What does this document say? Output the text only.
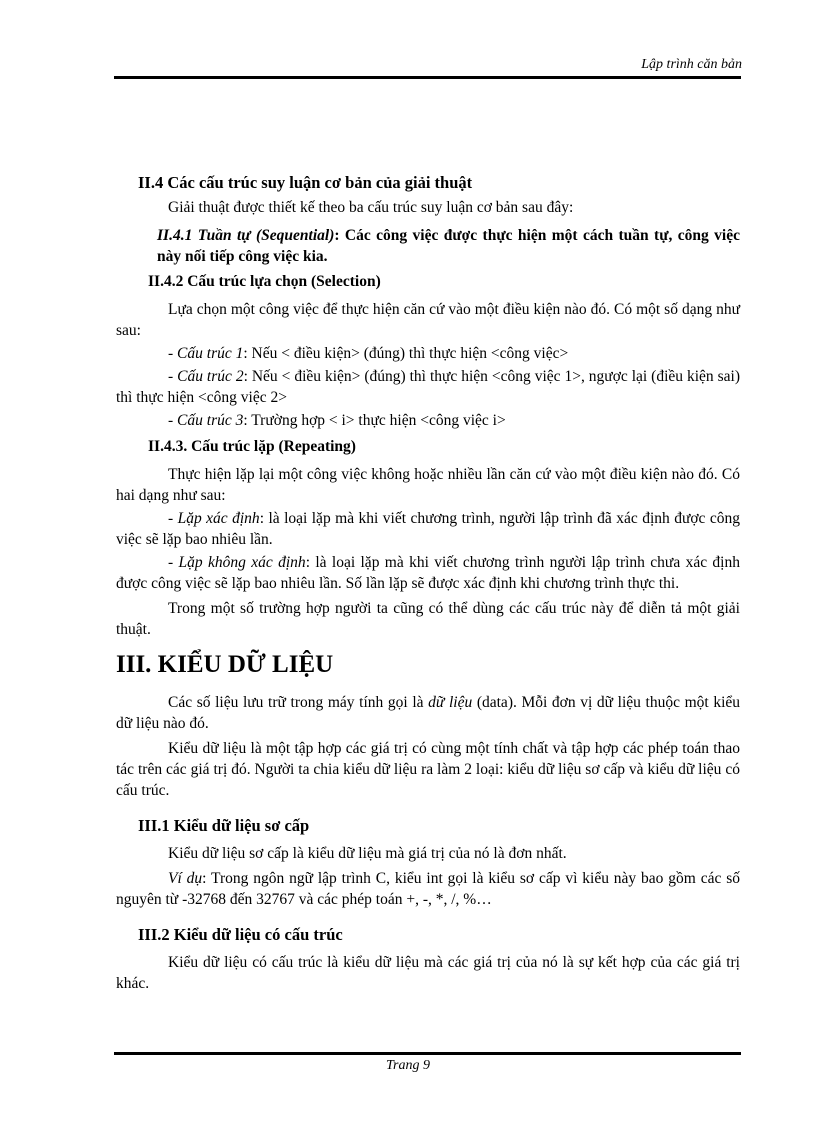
Lập trình căn bản

II.4 Các cấu trúc suy luận cơ bản của giải thuật

Giải thuật được thiết kế theo ba cấu trúc suy luận cơ bản sau đây:

II.4.1 Tuần tự (Sequential): Các công việc được thực hiện một cách tuần tự, công việc này nối tiếp công việc kia.

II.4.2 Cấu trúc lựa chọn (Selection)

Lựa chọn một công việc để thực hiện căn cứ vào một điều kiện nào đó. Có một số dạng như sau:

- Cấu trúc 1: Nếu < điều kiện> (đúng) thì thực hiện <công việc>

- Cấu trúc 2: Nếu < điều kiện> (đúng) thì thực hiện <công việc 1>, ngược lại (điều kiện sai) thì thực hiện <công việc 2>

- Cấu trúc 3: Trường hợp < i> thực hiện <công việc i>

II.4.3. Cấu trúc lặp (Repeating)

Thực hiện lặp lại một công việc không hoặc nhiều lần căn cứ vào một điều kiện nào đó. Có hai dạng như sau:

- Lặp xác định: là loại lặp mà khi viết chương trình, người lập trình đã xác định được công việc sẽ lặp bao nhiêu lần.

- Lặp không xác định: là loại lặp mà khi viết chương trình người lập trình chưa xác định được công việc sẽ lặp bao nhiêu lần. Số lần lặp sẽ được xác định khi chương trình thực thi.

Trong một số trường hợp người ta cũng có thể dùng các cấu trúc này để diễn tả một giải thuật.

III. KIỂU DỮ LIỆU

Các số liệu lưu trữ trong máy tính gọi là dữ liệu (data). Mỗi đơn vị dữ liệu thuộc một kiểu dữ liệu nào đó.

Kiểu dữ liệu là một tập hợp các giá trị có cùng một tính chất và tập hợp các phép toán thao tác trên các giá trị đó. Người ta chia kiểu dữ liệu ra làm 2 loại: kiểu dữ liệu sơ cấp và kiểu dữ liệu có cấu trúc.

III.1 Kiểu dữ liệu sơ cấp

Kiểu dữ liệu sơ cấp là kiểu dữ liệu mà giá trị của nó là đơn nhất.

Ví dụ: Trong ngôn ngữ lập trình C, kiểu int gọi là kiểu sơ cấp vì kiểu này bao gồm các số nguyên từ -32768 đến 32767 và các phép toán +, -, *, /, %…

III.2 Kiểu dữ liệu có cấu trúc

Kiểu dữ liệu có cấu trúc là kiểu dữ liệu mà các giá trị của nó là sự kết hợp của các giá trị khác.

Trang 9
